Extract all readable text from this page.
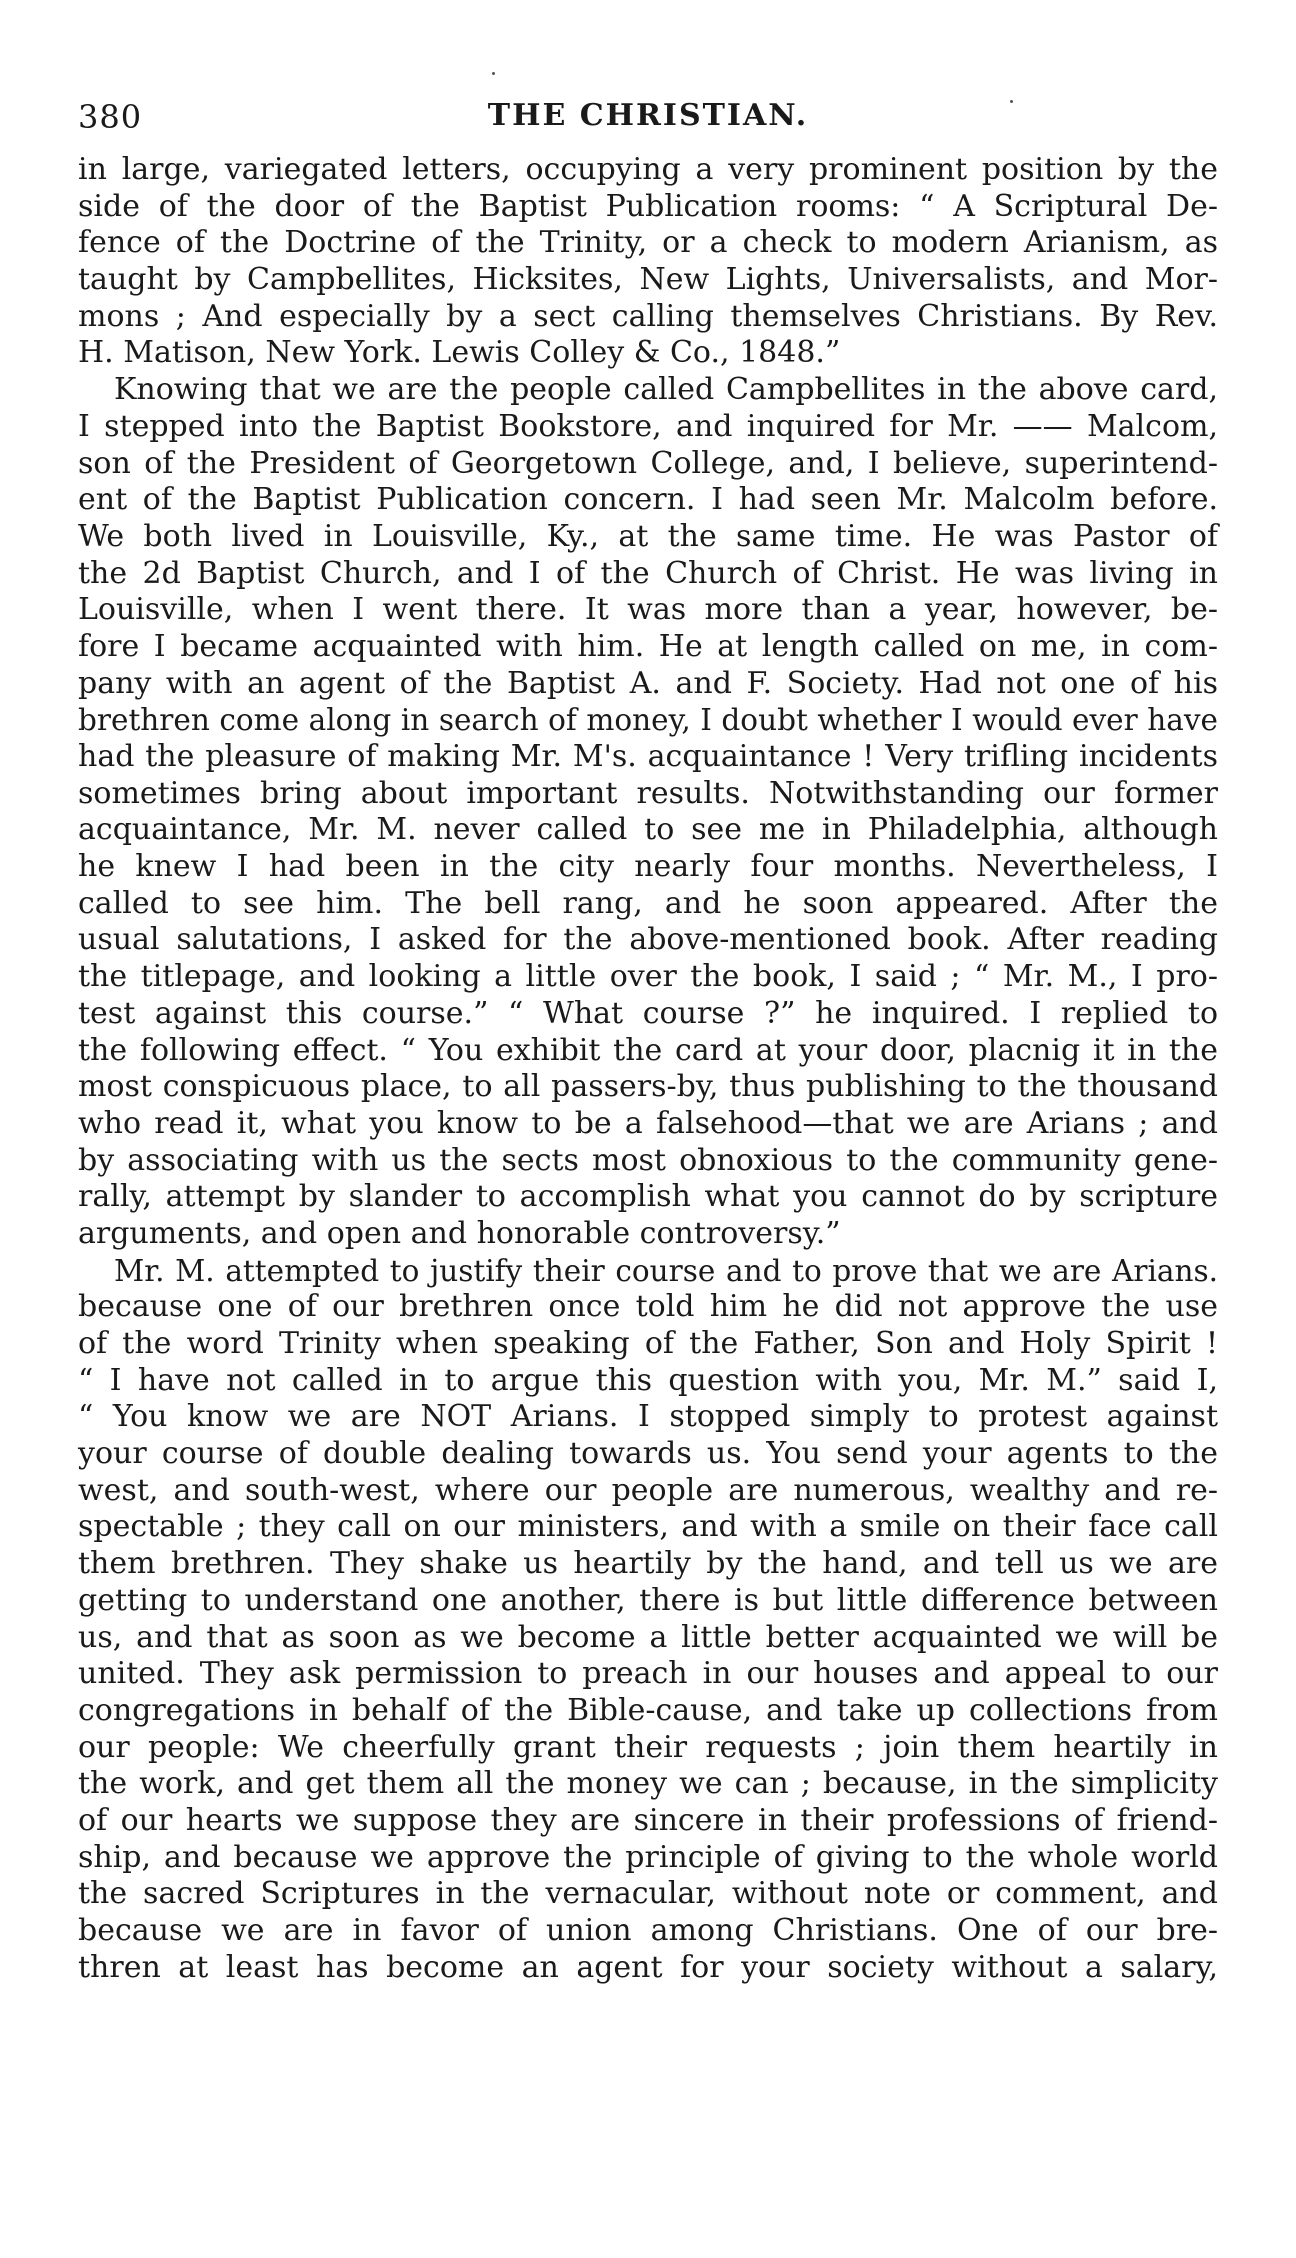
380	THE CHRISTIAN.
in large, variegated letters, occupying a very prominent position by the
side of the door of the Baptist Publication rooms: “ A Scriptural De-
fence of the Doctrine of the Trinity, or a check to modern Arianism, as
taught by Campbellites, Hicksites, New Lights, Universalists, and Mor-
mons ; And especially by a sect calling themselves Christians. By Rev.
H. Matison, New York. Lewis Colley & Co., 1848.”
Knowing that we are the people called Campbellites in the above card,
I stepped into the Baptist Bookstore, and inquired for Mr. —— Malcom,
son of the President of Georgetown College, and, I believe, superintend-
ent of the Baptist Publication concern. I had seen Mr. Malcolm before.
We both lived in Louisville, Ky., at the same time. He was Pastor of
the 2d Baptist Church, and I of the Church of Christ. He was living in
Louisville, when I went there. It was more than a year, however, be-
fore I became acquainted with him. He at length called on me, in com-
pany with an agent of the Baptist A. and F. Society. Had not one of his
brethren come along in search of money, I doubt whether I would ever have
had the pleasure of making Mr. M's. acquaintance ! Very trifling incidents
sometimes bring about important results. Notwithstanding our former
acquaintance, Mr. M. never called to see me in Philadelphia, although
he knew I had been in the city nearly four months. Nevertheless, I
called to see him. The bell rang, and he soon appeared. After the
usual salutations, I asked for the above-mentioned book. After reading
the titlepage, and looking a little over the book, I said ; “ Mr. M., I pro-
test against this course.” “ What course ?” he inquired. I replied to
the following effect. “ You exhibit the card at your door, placnig it in the
most conspicuous place, to all passers-by, thus publishing to the thousand
who read it, what you know to be a falsehood—that we are Arians ; and
by associating with us the sects most obnoxious to the community gene-
rally, attempt by slander to accomplish what you cannot do by scripture
arguments, and open and honorable controversy.”
Mr. M. attempted to justify their course and to prove that we are Arians.
because one of our brethren once told him he did not approve the use
of the word Trinity when speaking of the Father, Son and Holy Spirit !
“ I have not called in to argue this question with you, Mr. M.” said I,
“ You know we are NOT Arians. I stopped simply to protest against
your course of double dealing towards us. You send your agents to the
west, and south-west, where our people are numerous, wealthy and re-
spectable ; they call on our ministers, and with a smile on their face call
them brethren. They shake us heartily by the hand, and tell us we are
getting to understand one another, there is but little difference between
us, and that as soon as we become a little better acquainted we will be
united. They ask permission to preach in our houses and appeal to our
congregations in behalf of the Bible-cause, and take up collections from
our people: We cheerfully grant their requests ; join them heartily in
the work, and get them all the money we can ; because, in the simplicity
of our hearts we suppose they are sincere in their professions of friend-
ship, and because we approve the principle of giving to the whole world
the sacred Scriptures in the vernacular, without note or comment, and
because we are in favor of union among Christians. One of our bre-
thren at least has become an agent for your society without a salary,
